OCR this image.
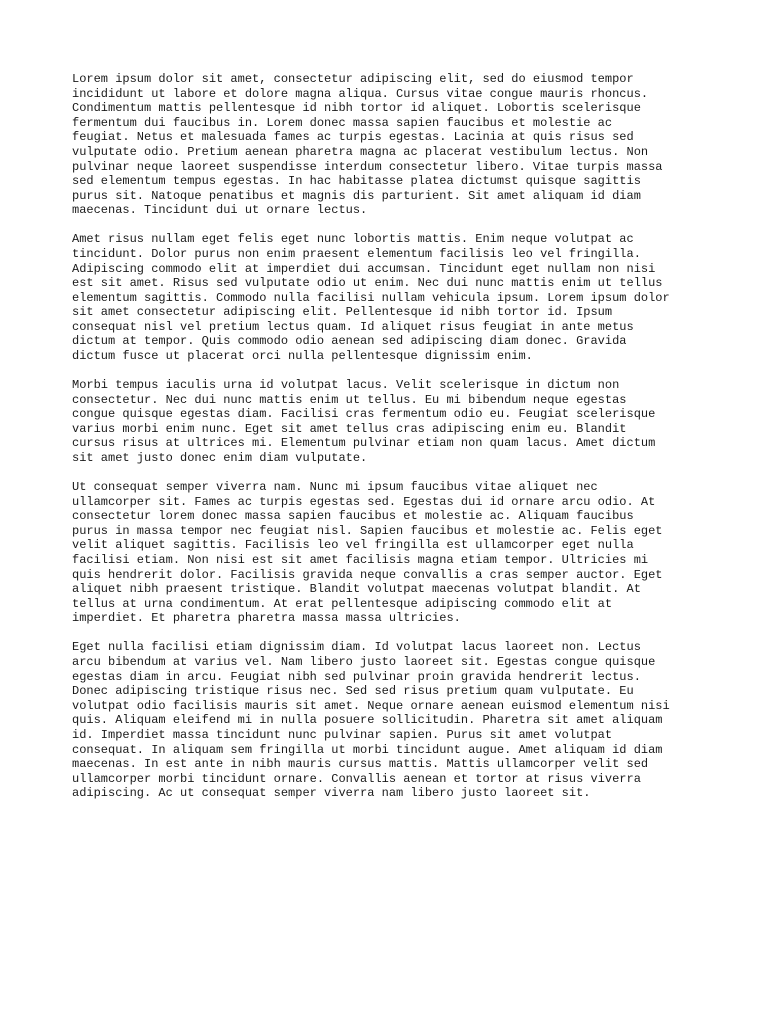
Lorem ipsum dolor sit amet, consectetur adipiscing elit, sed do eiusmod tempor
incididunt ut labore et dolore magna aliqua. Cursus vitae congue mauris rhoncus.
Condimentum mattis pellentesque id nibh tortor id aliquet. Lobortis scelerisque
fermentum dui faucibus in. Lorem donec massa sapien faucibus et molestie ac
feugiat. Netus et malesuada fames ac turpis egestas. Lacinia at quis risus sed
vulputate odio. Pretium aenean pharetra magna ac placerat vestibulum lectus. Non
pulvinar neque laoreet suspendisse interdum consectetur libero. Vitae turpis massa
sed elementum tempus egestas. In hac habitasse platea dictumst quisque sagittis
purus sit. Natoque penatibus et magnis dis parturient. Sit amet aliquam id diam
maecenas. Tincidunt dui ut ornare lectus.

Amet risus nullam eget felis eget nunc lobortis mattis. Enim neque volutpat ac
tincidunt. Dolor purus non enim praesent elementum facilisis leo vel fringilla.
Adipiscing commodo elit at imperdiet dui accumsan. Tincidunt eget nullam non nisi
est sit amet. Risus sed vulputate odio ut enim. Nec dui nunc mattis enim ut tellus
elementum sagittis. Commodo nulla facilisi nullam vehicula ipsum. Lorem ipsum dolor
sit amet consectetur adipiscing elit. Pellentesque id nibh tortor id. Ipsum
consequat nisl vel pretium lectus quam. Id aliquet risus feugiat in ante metus
dictum at tempor. Quis commodo odio aenean sed adipiscing diam donec. Gravida
dictum fusce ut placerat orci nulla pellentesque dignissim enim.

Morbi tempus iaculis urna id volutpat lacus. Velit scelerisque in dictum non
consectetur. Nec dui nunc mattis enim ut tellus. Eu mi bibendum neque egestas
congue quisque egestas diam. Facilisi cras fermentum odio eu. Feugiat scelerisque
varius morbi enim nunc. Eget sit amet tellus cras adipiscing enim eu. Blandit
cursus risus at ultrices mi. Elementum pulvinar etiam non quam lacus. Amet dictum
sit amet justo donec enim diam vulputate.

Ut consequat semper viverra nam. Nunc mi ipsum faucibus vitae aliquet nec
ullamcorper sit. Fames ac turpis egestas sed. Egestas dui id ornare arcu odio. At
consectetur lorem donec massa sapien faucibus et molestie ac. Aliquam faucibus
purus in massa tempor nec feugiat nisl. Sapien faucibus et molestie ac. Felis eget
velit aliquet sagittis. Facilisis leo vel fringilla est ullamcorper eget nulla
facilisi etiam. Non nisi est sit amet facilisis magna etiam tempor. Ultricies mi
quis hendrerit dolor. Facilisis gravida neque convallis a cras semper auctor. Eget
aliquet nibh praesent tristique. Blandit volutpat maecenas volutpat blandit. At
tellus at urna condimentum. At erat pellentesque adipiscing commodo elit at
imperdiet. Et pharetra pharetra massa massa ultricies.

Eget nulla facilisi etiam dignissim diam. Id volutpat lacus laoreet non. Lectus
arcu bibendum at varius vel. Nam libero justo laoreet sit. Egestas congue quisque
egestas diam in arcu. Feugiat nibh sed pulvinar proin gravida hendrerit lectus.
Donec adipiscing tristique risus nec. Sed sed risus pretium quam vulputate. Eu
volutpat odio facilisis mauris sit amet. Neque ornare aenean euismod elementum nisi
quis. Aliquam eleifend mi in nulla posuere sollicitudin. Pharetra sit amet aliquam
id. Imperdiet massa tincidunt nunc pulvinar sapien. Purus sit amet volutpat
consequat. In aliquam sem fringilla ut morbi tincidunt augue. Amet aliquam id diam
maecenas. In est ante in nibh mauris cursus mattis. Mattis ullamcorper velit sed
ullamcorper morbi tincidunt ornare. Convallis aenean et tortor at risus viverra
adipiscing. Ac ut consequat semper viverra nam libero justo laoreet sit.
